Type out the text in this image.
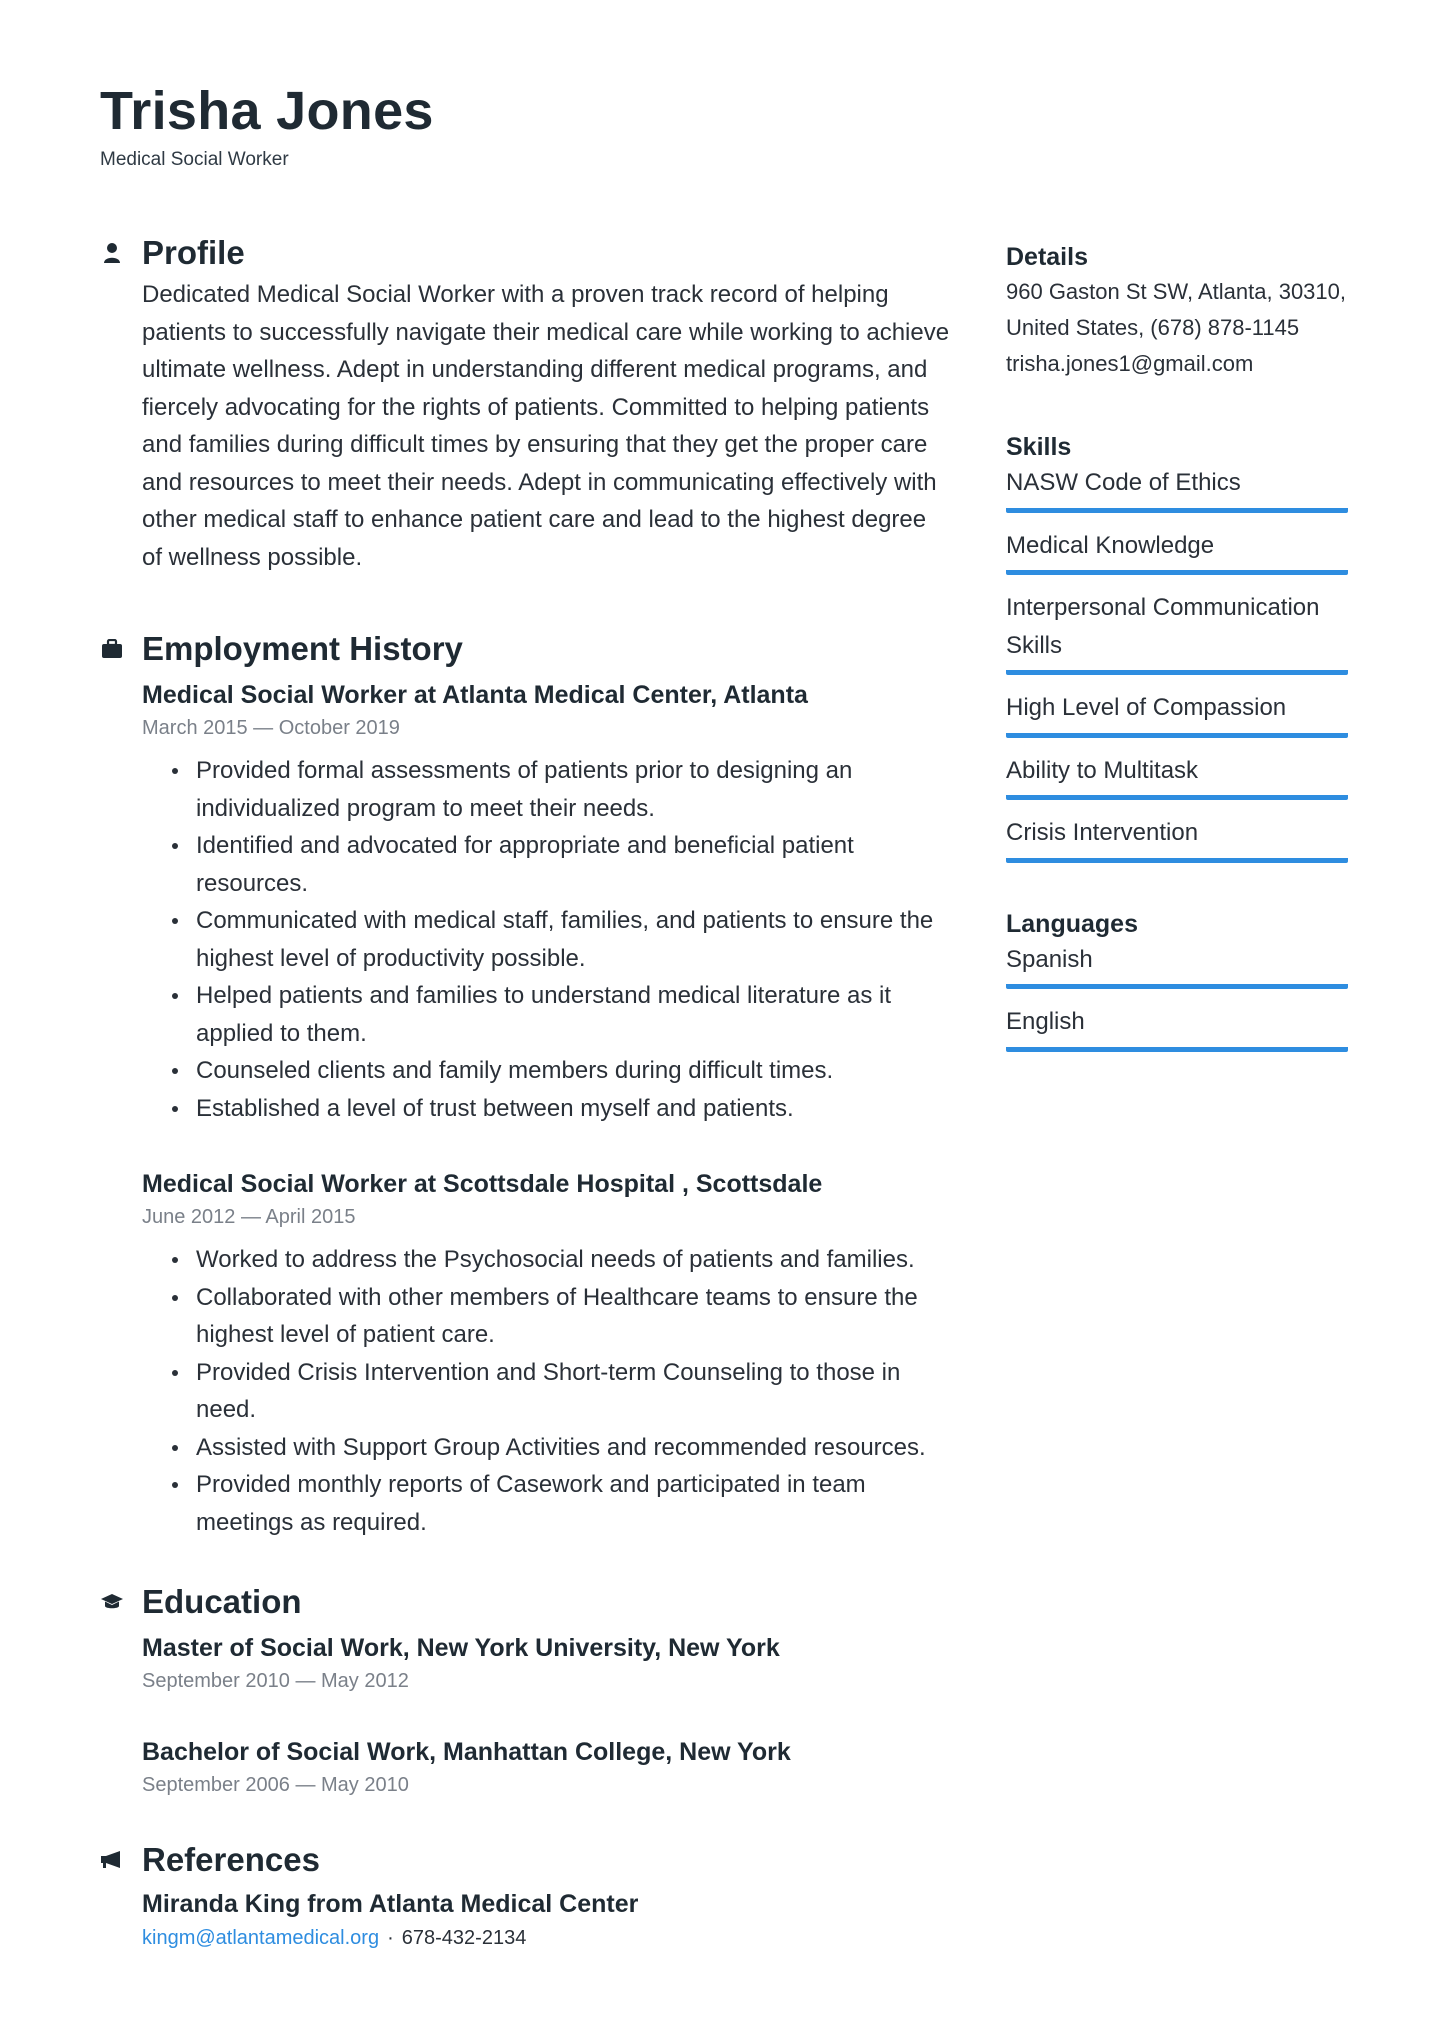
Trisha Jones
Medical Social Worker
Profile

Dedicated Medical Social Worker with a proven track record of helping patients to successfully navigate their medical care while working to achieve ultimate wellness. Adept in understanding different medical programs, and fiercely advocating for the rights of patients. Committed to helping patients and families during difficult times by ensuring that they get the proper care and resources to meet their needs. Adept in communicating effectively with other medical staff to enhance patient care and lead to the highest degree of wellness possible.

Employment History
Medical Social Worker at Atlanta Medical Center, Atlanta
March 2015 — October 2019
Provided formal assessments of patients prior to designing an individualized program to meet their needs.
Identified and advocated for appropriate and beneficial patient resources.
Communicated with medical staff, families, and patients to ensure the highest level of productivity possible.
Helped patients and families to understand medical literature as it applied to them.
Counseled clients and family members during difficult times.
Established a level of trust between myself and patients.
Medical Social Worker at Scottsdale Hospital , Scottsdale
June 2012 — April 2015
Worked to address the Psychosocial needs of patients and families.
Collaborated with other members of Healthcare teams to ensure the highest level of patient care.
Provided Crisis Intervention and Short-term Counseling to those in need.
Assisted with Support Group Activities and recommended resources.
Provided monthly reports of Casework and participated in team meetings as required.
Education
Master of Social Work, New York University, New York
September 2010 — May 2012
Bachelor of Social Work, Manhattan College, New York
September 2006 — May 2010
References
Miranda King from Atlanta Medical Center
kingm@atlantamedical.org · 678-432-2134
Details
960 Gaston St SW, Atlanta, 30310,
United States, (678) 878-1145
trisha.jones1@gmail.com
Skills
NASW Code of Ethics
Medical Knowledge
Interpersonal Communication Skills
High Level of Compassion
Ability to Multitask
Crisis Intervention
Languages
Spanish
English
